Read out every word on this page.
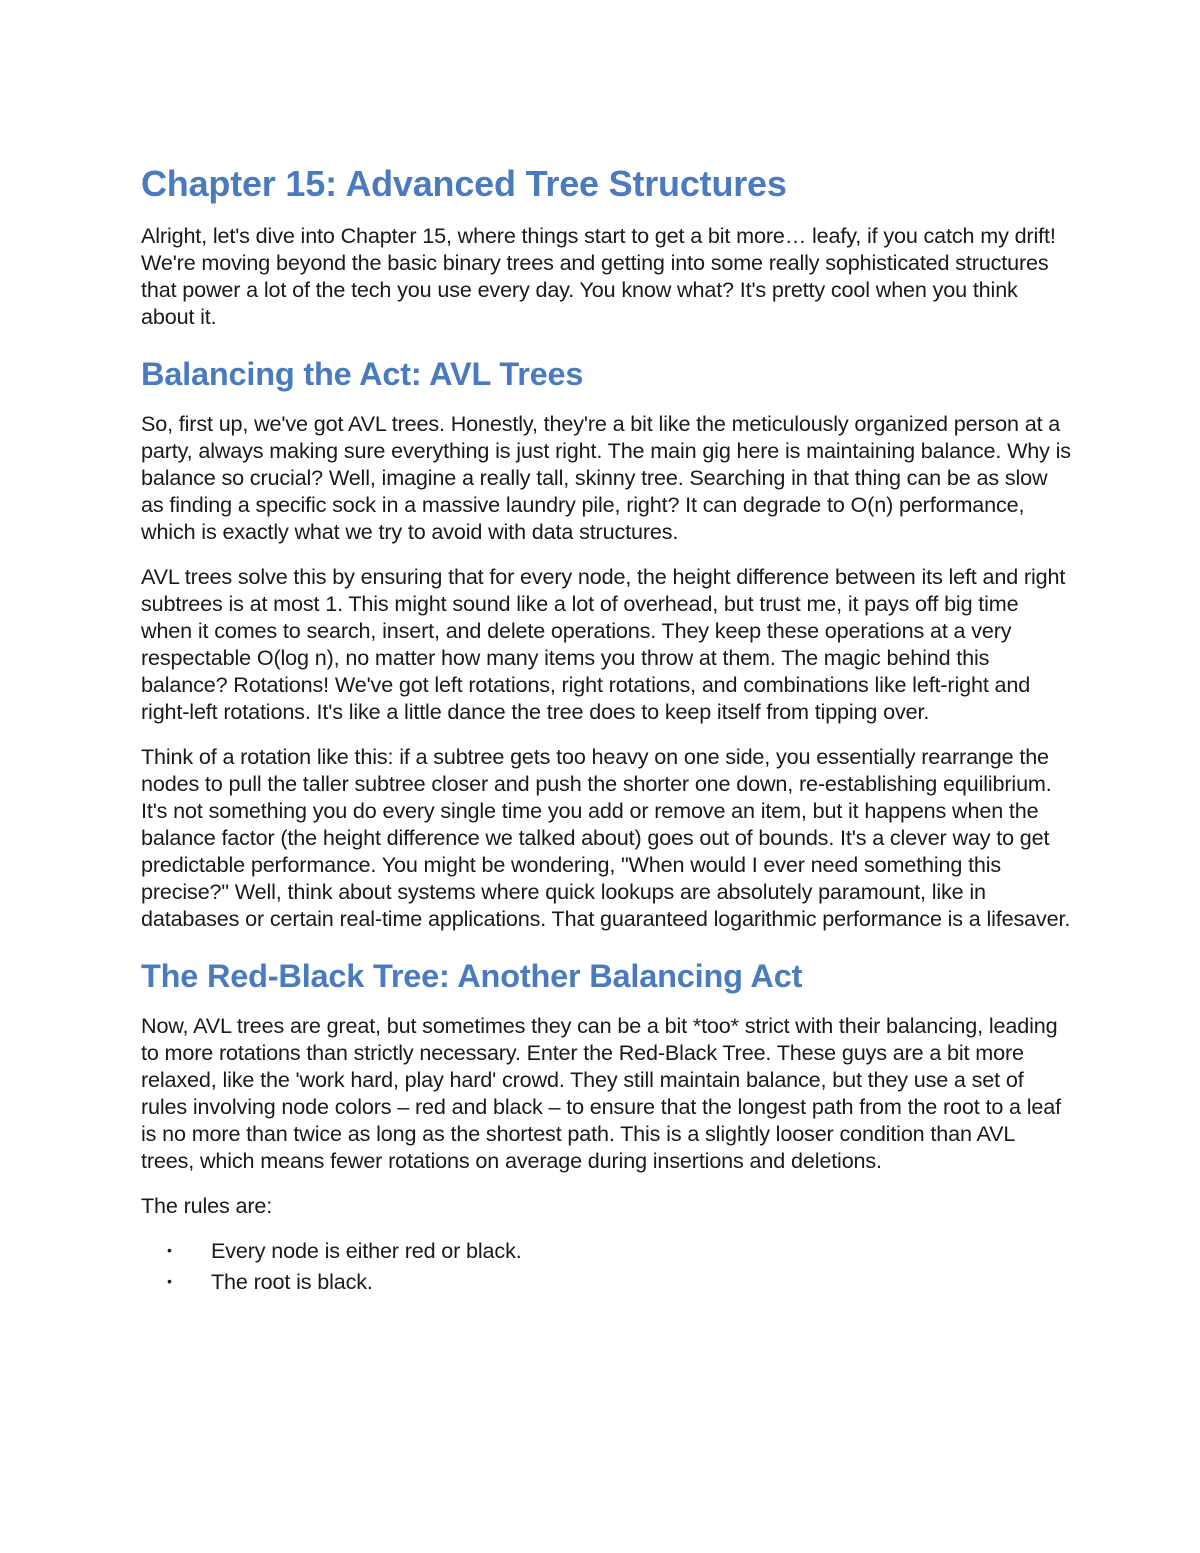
Chapter 15: Advanced Tree Structures

Alright, let's dive into Chapter 15, where things start to get a bit more… leafy, if you catch my drift! We're moving beyond the basic binary trees and getting into some really sophisticated structures that power a lot of the tech you use every day. You know what? It's pretty cool when you think about it.

Balancing the Act: AVL Trees

So, first up, we've got AVL trees. Honestly, they're a bit like the meticulously organized person at a party, always making sure everything is just right. The main gig here is maintaining balance. Why is balance so crucial? Well, imagine a really tall, skinny tree. Searching in that thing can be as slow as finding a specific sock in a massive laundry pile, right? It can degrade to O(n) performance, which is exactly what we try to avoid with data structures.

AVL trees solve this by ensuring that for every node, the height difference between its left and right subtrees is at most 1. This might sound like a lot of overhead, but trust me, it pays off big time when it comes to search, insert, and delete operations. They keep these operations at a very respectable O(log n), no matter how many items you throw at them. The magic behind this balance? Rotations! We've got left rotations, right rotations, and combinations like left-right and right-left rotations. It's like a little dance the tree does to keep itself from tipping over.

Think of a rotation like this: if a subtree gets too heavy on one side, you essentially rearrange the nodes to pull the taller subtree closer and push the shorter one down, re-establishing equilibrium. It's not something you do every single time you add or remove an item, but it happens when the balance factor (the height difference we talked about) goes out of bounds. It's a clever way to get predictable performance. You might be wondering, "When would I ever need something this precise?" Well, think about systems where quick lookups are absolutely paramount, like in databases or certain real-time applications. That guaranteed logarithmic performance is a lifesaver.

The Red-Black Tree: Another Balancing Act

Now, AVL trees are great, but sometimes they can be a bit *too* strict with their balancing, leading to more rotations than strictly necessary. Enter the Red-Black Tree. These guys are a bit more relaxed, like the 'work hard, play hard' crowd. They still maintain balance, but they use a set of rules involving node colors – red and black – to ensure that the longest path from the root to a leaf is no more than twice as long as the shortest path. This is a slightly looser condition than AVL trees, which means fewer rotations on average during insertions and deletions.

The rules are:

• Every node is either red or black.
• The root is black.
